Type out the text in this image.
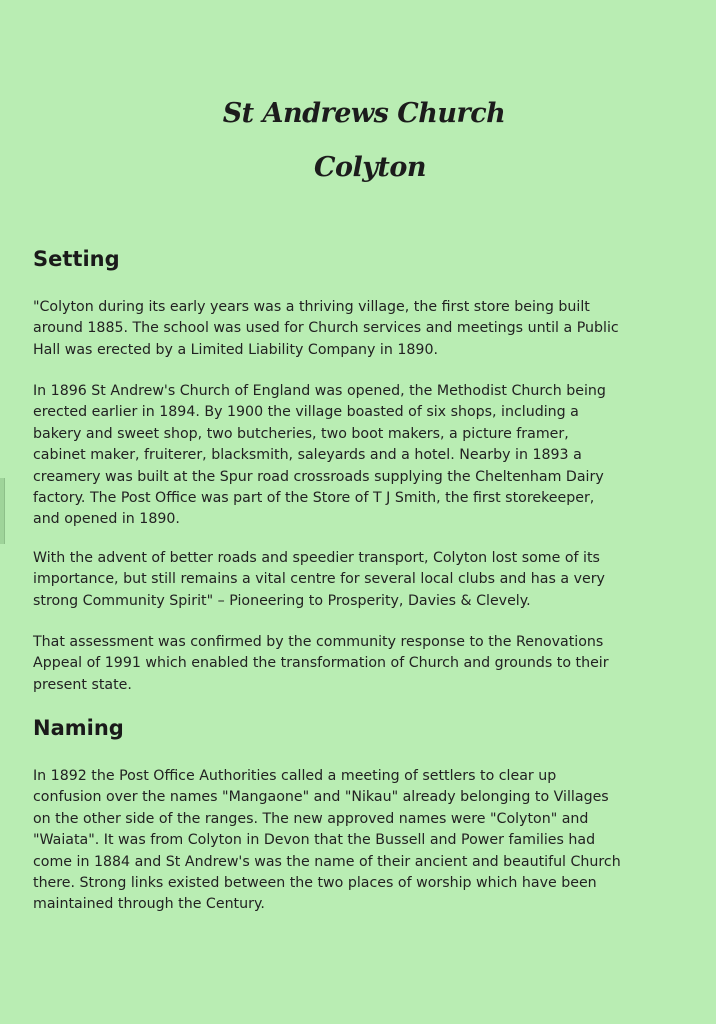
St Andrews Church
Colyton
Setting

"Colyton during its early years was a thriving village, the first store being built
around 1885. The school was used for Church services and meetings until a Public
Hall was erected by a Limited Liability Company in 1890.

In 1896 St Andrew's Church of England was opened, the Methodist Church being
erected earlier in 1894. By 1900 the village boasted of six shops, including a
bakery and sweet shop, two butcheries, two boot makers, a picture framer,
cabinet maker, fruiterer, blacksmith, saleyards and a hotel. Nearby in 1893 a
creamery was built at the Spur road crossroads supplying the Cheltenham Dairy
factory. The Post Office was part of the Store of T J Smith, the first storekeeper,
and opened in 1890.

With the advent of better roads and speedier transport, Colyton lost some of its
importance, but still remains a vital centre for several local clubs and has a very
strong Community Spirit" – Pioneering to Prosperity, Davies & Clevely.

That assessment was confirmed by the community response to the Renovations
Appeal of 1991 which enabled the transformation of Church and grounds to their
present state.

Naming

In 1892 the Post Office Authorities called a meeting of settlers to clear up
confusion over the names "Mangaone" and "Nikau" already belonging to Villages
on the other side of the ranges. The new approved names were "Colyton" and
"Waiata". It was from Colyton in Devon that the Bussell and Power families had
come in 1884 and St Andrew's was the name of their ancient and beautiful Church
there. Strong links existed between the two places of worship which have been
maintained through the Century.
